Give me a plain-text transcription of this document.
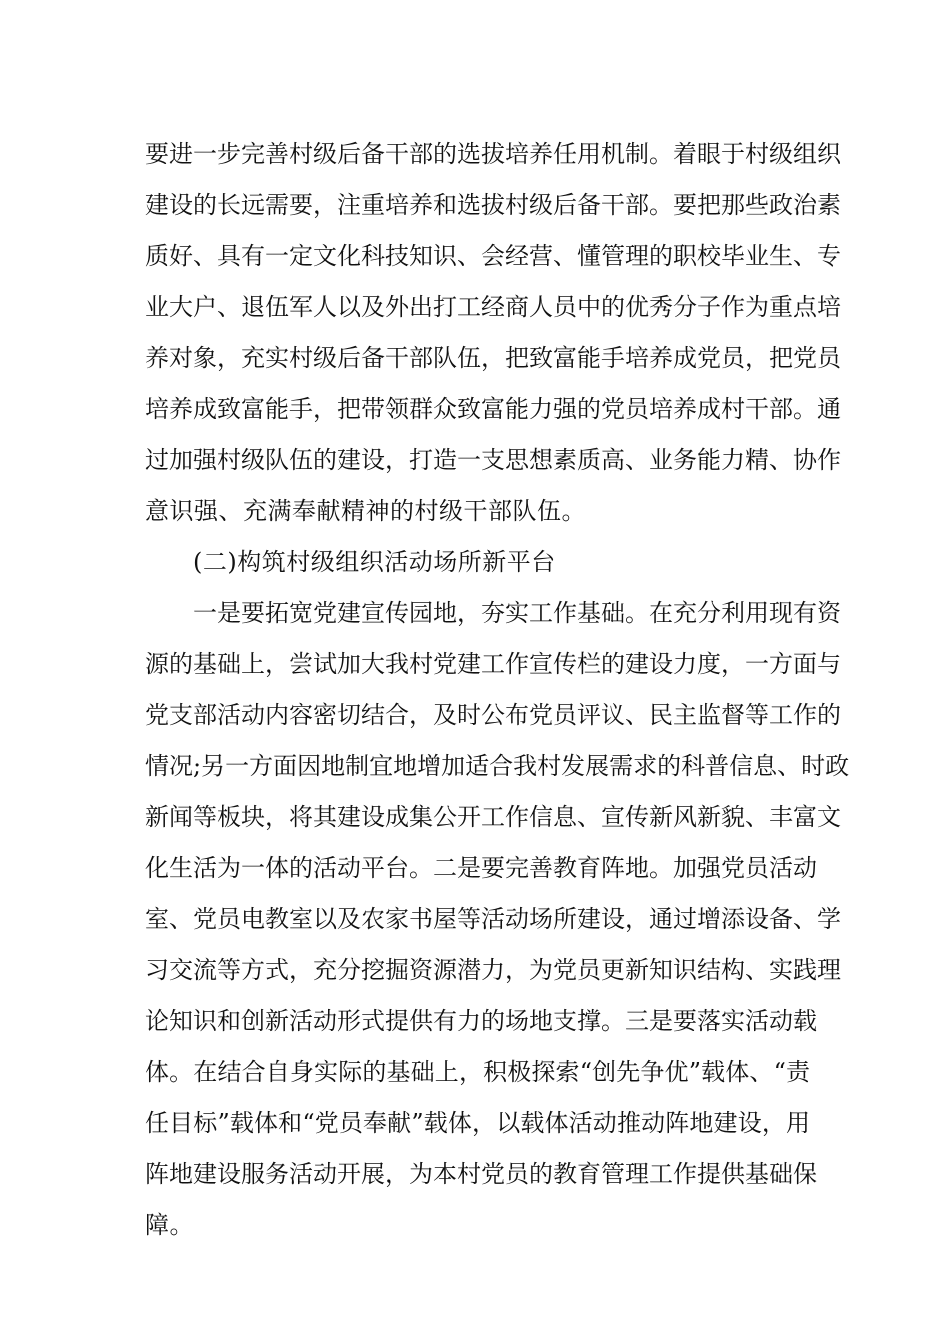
要进一步完善村级后备干部的选拔培养任用机制。着眼于村级组织
建设的长远需要，注重培养和选拔村级后备干部。要把那些政治素
质好、具有一定文化科技知识、会经营、懂管理的职校毕业生、专
业大户、退伍军人以及外出打工经商人员中的优秀分子作为重点培
养对象，充实村级后备干部队伍，把致富能手培养成党员，把党员
培养成致富能手，把带领群众致富能力强的党员培养成村干部。通
过加强村级队伍的建设，打造一支思想素质高、业务能力精、协作
意识强、充满奉献精神的村级干部队伍。
(二)构筑村级组织活动场所新平台
一是要拓宽党建宣传园地，夯实工作基础。在充分利用现有资
源的基础上，尝试加大我村党建工作宣传栏的建设力度，一方面与
党支部活动内容密切结合，及时公布党员评议、民主监督等工作的
情况;另一方面因地制宜地增加适合我村发展需求的科普信息、时政
新闻等板块，将其建设成集公开工作信息、宣传新风新貌、丰富文
化生活为一体的活动平台。二是要完善教育阵地。加强党员活动
室、党员电教室以及农家书屋等活动场所建设，通过增添设备、学
习交流等方式，充分挖掘资源潜力，为党员更新知识结构、实践理
论知识和创新活动形式提供有力的场地支撑。三是要落实活动载
体。在结合自身实际的基础上，积极探索“创先争优”载体、“责
任目标”载体和“党员奉献”载体，以载体活动推动阵地建设，用
阵地建设服务活动开展，为本村党员的教育管理工作提供基础保
障。
